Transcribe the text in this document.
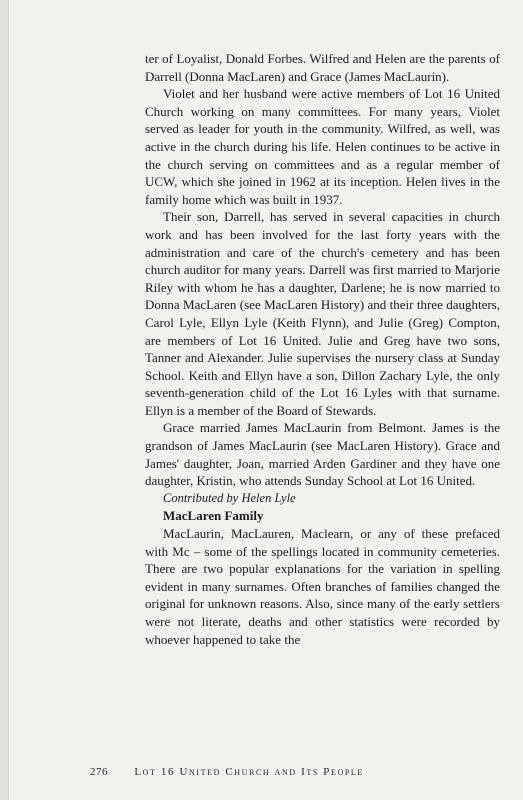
ter of Loyalist, Donald Forbes. Wilfred and Helen are the parents of Darrell (Donna MacLaren) and Grace (James MacLaurin).

Violet and her husband were active members of Lot 16 United Church working on many committees. For many years, Violet served as leader for youth in the community. Wilfred, as well, was active in the church during his life. Helen continues to be active in the church serving on committees and as a regular member of UCW, which she joined in 1962 at its inception. Helen lives in the family home which was built in 1937.

Their son, Darrell, has served in several capacities in church work and has been involved for the last forty years with the administration and care of the church's cemetery and has been church auditor for many years. Darrell was first married to Marjorie Riley with whom he has a daughter, Darlene; he is now married to Donna MacLaren (see MacLaren History) and their three daughters, Carol Lyle, Ellyn Lyle (Keith Flynn), and Julie (Greg) Compton, are members of Lot 16 United. Julie and Greg have two sons, Tanner and Alexander. Julie supervises the nursery class at Sunday School. Keith and Ellyn have a son, Dillon Zachary Lyle, the only seventh-generation child of the Lot 16 Lyles with that surname. Ellyn is a member of the Board of Stewards.

Grace married James MacLaurin from Belmont. James is the grandson of James MacLaurin (see MacLaren History). Grace and James' daughter, Joan, married Arden Gardiner and they have one daughter, Kristin, who attends Sunday School at Lot 16 United.

Contributed by Helen Lyle

MacLaren Family

MacLaurin, MacLauren, Maclearn, or any of these prefaced with Mc – some of the spellings located in community cemeteries. There are two popular explanations for the variation in spelling evident in many surnames. Often branches of families changed the original for unknown reasons. Also, since many of the early settlers were not literate, deaths and other statistics were recorded by whoever happened to take the

276 Lot 16 United Church and Its People
